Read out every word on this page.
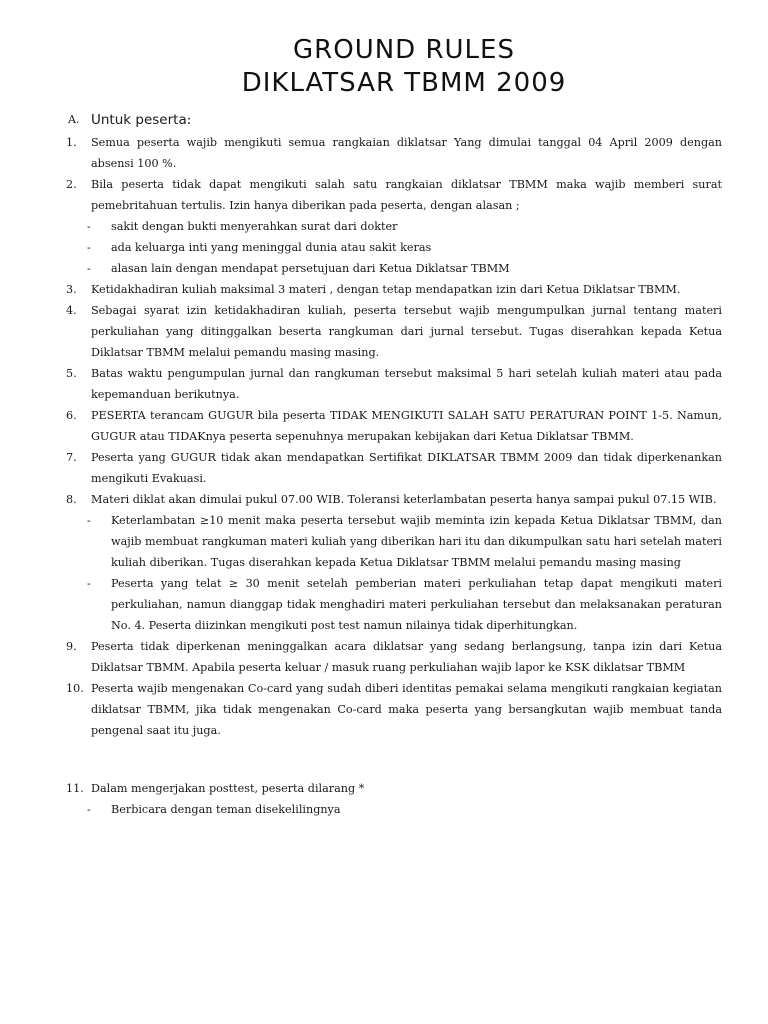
GROUND RULES
DIKLATSAR TBMM 2009
A. Untuk peserta:
1. Semua peserta wajib mengikuti semua rangkaian diklatsar Yang dimulai tanggal 04 April 2009 dengan absensi 100 %.
2. Bila peserta tidak dapat mengikuti salah satu rangkaian diklatsar TBMM maka wajib memberi surat pemebritahuan tertulis. Izin hanya diberikan pada peserta, dengan alasan ;
- sakit dengan bukti menyerahkan surat dari dokter
- ada keluarga inti yang meninggal dunia atau sakit keras
- alasan lain dengan mendapat persetujuan dari Ketua Diklatsar TBMM
3. Ketidakhadiran kuliah maksimal 3 materi , dengan tetap mendapatkan izin dari Ketua Diklatsar TBMM.
4. Sebagai syarat izin ketidakhadiran kuliah, peserta tersebut wajib mengumpulkan jurnal tentang materi perkuliahan yang ditinggalkan beserta rangkuman dari jurnal tersebut. Tugas diserahkan kepada Ketua Diklatsar TBMM melalui pemandu masing masing.
5. Batas waktu pengumpulan jurnal dan rangkuman tersebut maksimal 5 hari setelah kuliah materi atau pada kepemanduan berikutnya.
6. PESERTA terancam GUGUR bila peserta TIDAK MENGIKUTI SALAH SATU PERATURAN POINT 1-5. Namun, GUGUR atau TIDAKnya peserta sepenuhnya merupakan kebijakan dari Ketua Diklatsar TBMM.
7. Peserta yang GUGUR tidak akan mendapatkan Sertifikat DIKLATSAR TBMM 2009 dan tidak diperkenankan mengikuti Evakuasi.
8. Materi diklat akan dimulai pukul 07.00 WIB. Toleransi keterlambatan peserta hanya sampai pukul 07.15 WIB.
- Keterlambatan ≥10 menit maka peserta tersebut wajib meminta izin kepada Ketua Diklatsar TBMM, dan wajib membuat rangkuman materi kuliah yang diberikan hari itu dan dikumpulkan satu hari setelah materi kuliah diberikan. Tugas diserahkan kepada Ketua Diklatsar TBMM melalui pemandu masing masing
- Peserta yang telat ≥ 30 menit setelah pemberian materi perkuliahan tetap dapat mengikuti materi perkuliahan, namun dianggap tidak menghadiri materi perkuliahan tersebut dan melaksanakan peraturan No. 4. Peserta diizinkan mengikuti post test namun nilainya tidak diperhitungkan.
9. Peserta tidak diperkenan meninggalkan acara diklatsar yang sedang berlangsung, tanpa izin dari Ketua Diklatsar TBMM. Apabila peserta keluar / masuk ruang perkuliahan wajib lapor ke KSK diklatsar TBMM
10. Peserta wajib mengenakan Co-card yang sudah diberi identitas pemakai selama mengikuti rangkaian kegiatan diklatsar TBMM, jika tidak mengenakan Co-card maka peserta yang bersangkutan wajib membuat tanda pengenal saat itu juga.
11. Dalam mengerjakan posttest, peserta dilarang *
- Berbicara dengan teman disekelilingnya
